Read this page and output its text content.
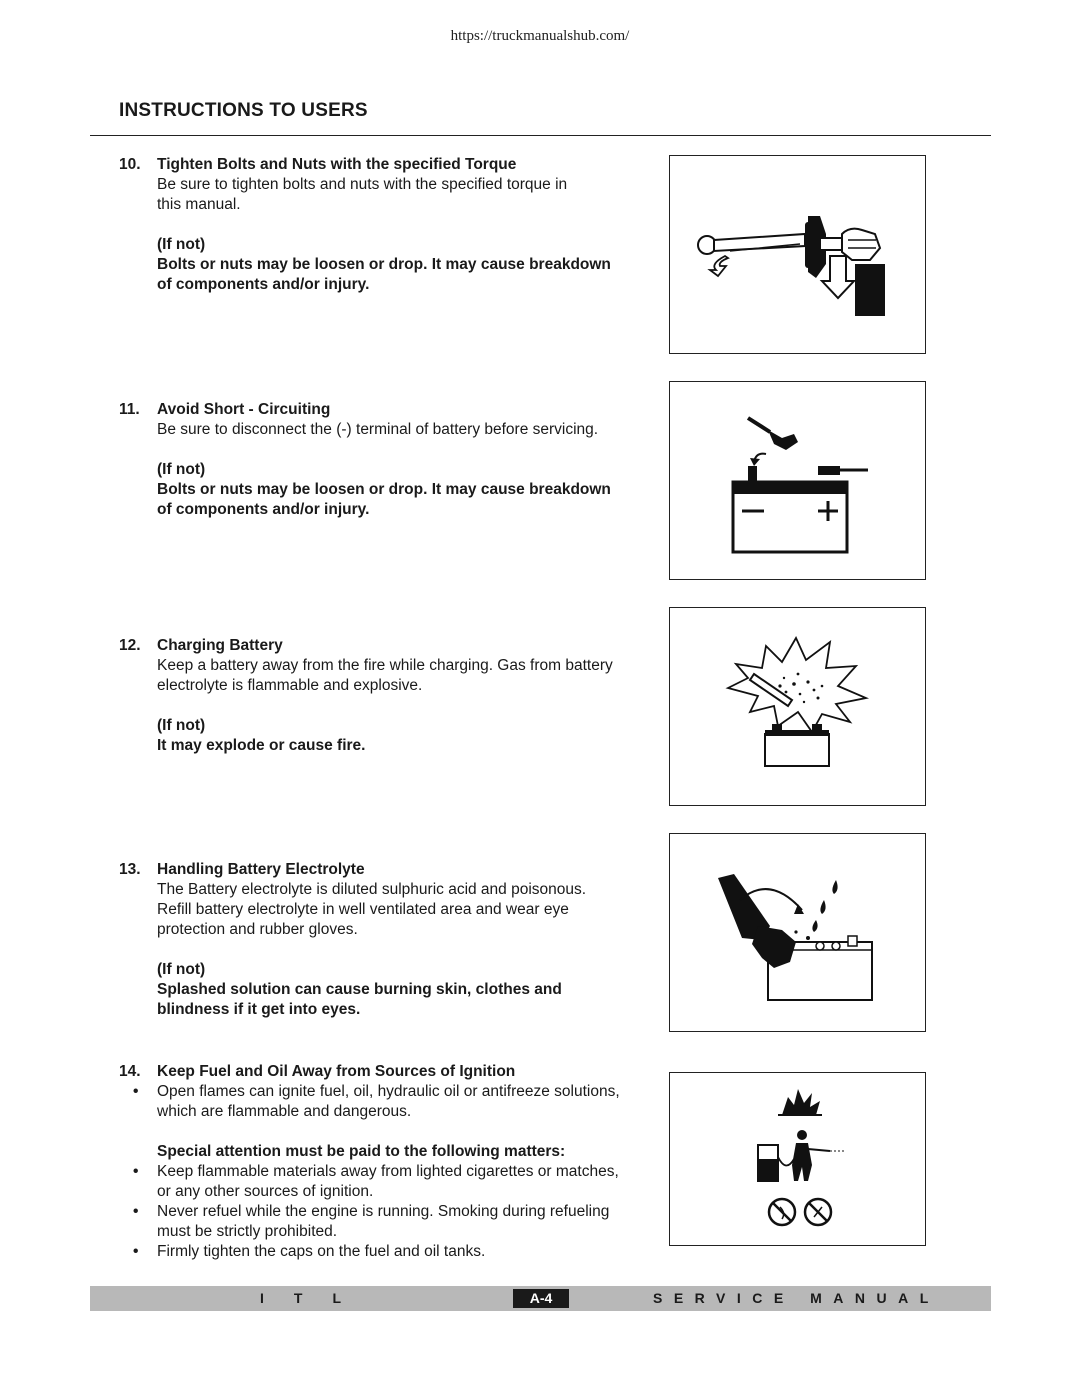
https://truckmanualshub.com/
INSTRUCTIONS TO USERS
10. Tighten Bolts and Nuts with the specified Torque
Be sure to tighten bolts and nuts with the specified torque in
this manual.
(If not)
Bolts or nuts may be loosen or drop. It may cause breakdown
of components and/or injury.
11. Avoid Short - Circuiting
Be sure to disconnect the (-) terminal of battery before servicing.
(If not)
Bolts or nuts may be loosen or drop. It may cause breakdown
of components and/or injury.
12. Charging Battery
Keep a battery away from the fire while charging. Gas from battery
electrolyte is flammable and explosive.
(If not)
It may explode or cause fire.
13. Handling Battery Electrolyte
The Battery electrolyte is diluted sulphuric acid and poisonous.
Refill battery electrolyte in well ventilated area and wear eye
protection and rubber gloves.
(If not)
Splashed solution can cause burning skin, clothes and
blindness if it get into eyes.
14. Keep Fuel and Oil Away from Sources of Ignition
• Open flames can ignite fuel, oil, hydraulic oil or antifreeze solutions,
which are flammable and dangerous.
Special attention must be paid to the following matters:
• Keep flammable materials away from lighted cigarettes or matches,
or any other sources of ignition.
• Never refuel while the engine is running. Smoking during refueling
must be strictly prohibited.
• Firmly tighten the caps on the fuel and oil tanks.
ITL	A-4	SERVICE MANUAL
